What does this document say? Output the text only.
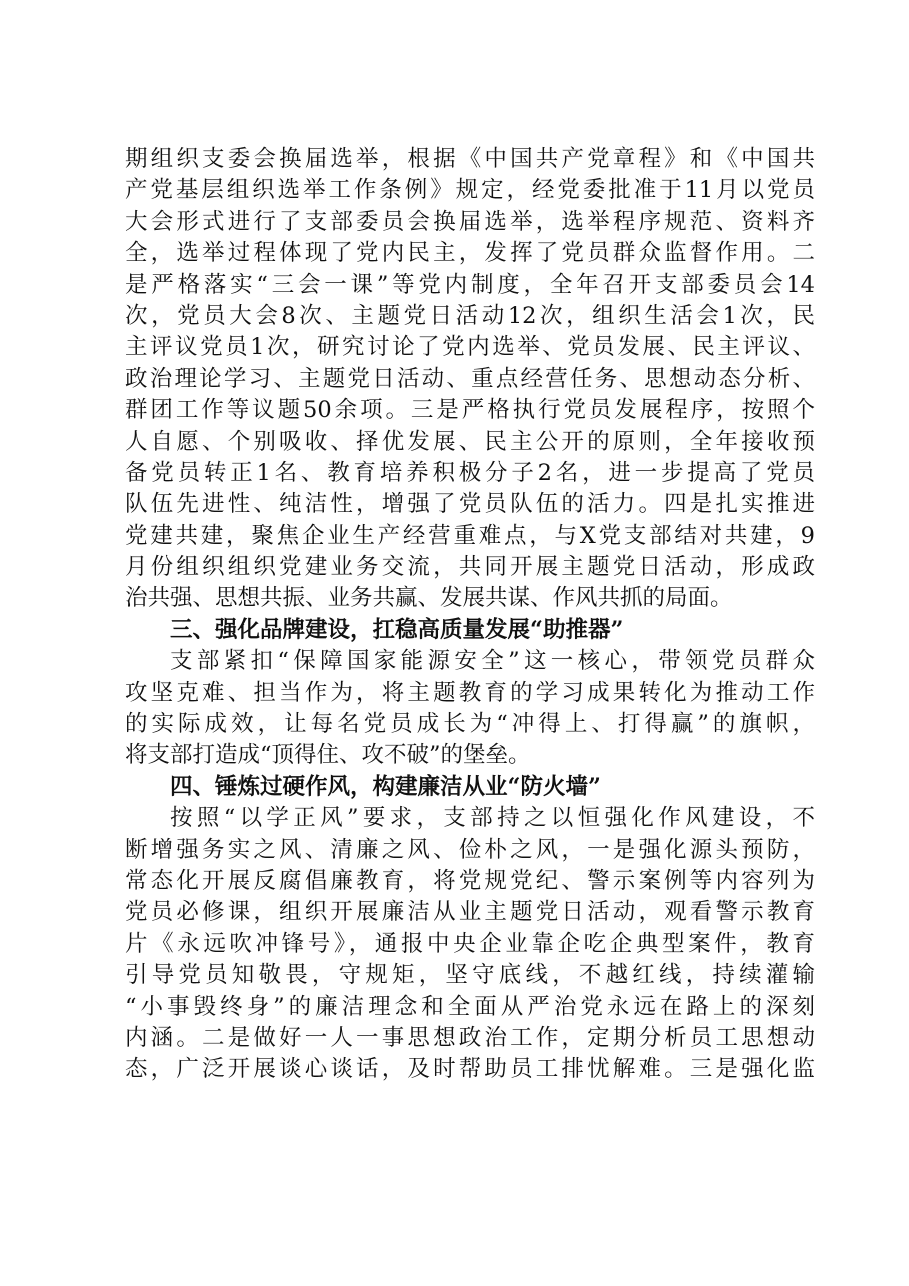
期组织支委会换届选举，根据《中国共产党章程》和《中国共
产党基层组织选举工作条例》规定，经党委批准于11月以党员
大会形式进行了支部委员会换届选举，选举程序规范、资料齐
全，选举过程体现了党内民主，发挥了党员群众监督作用。二
是严格落实“三会一课”等党内制度，全年召开支部委员会14
次，党员大会8次、主题党日活动12次，组织生活会1次，民
主评议党员1次，研究讨论了党内选举、党员发展、民主评议、
政治理论学习、主题党日活动、重点经营任务、思想动态分析、
群团工作等议题50余项。三是严格执行党员发展程序，按照个
人自愿、个别吸收、择优发展、民主公开的原则，全年接收预
备党员转正1名、教育培养积极分子2名，进一步提高了党员
队伍先进性、纯洁性，增强了党员队伍的活力。四是扎实推进
党建共建，聚焦企业生产经营重难点，与X党支部结对共建，9
月份组织组织党建业务交流，共同开展主题党日活动，形成政
治共强、思想共振、业务共赢、发展共谋、作风共抓的局面。
三、强化品牌建设，扛稳高质量发展“助推器”
支部紧扣“保障国家能源安全”这一核心，带领党员群众
攻坚克难、担当作为，将主题教育的学习成果转化为推动工作
的实际成效，让每名党员成长为“冲得上、打得赢”的旗帜，
将支部打造成“顶得住、攻不破”的堡垒。
四、锤炼过硬作风，构建廉洁从业“防火墙”
按照“以学正风”要求，支部持之以恒强化作风建设，不
断增强务实之风、清廉之风、俭朴之风，一是强化源头预防，
常态化开展反腐倡廉教育，将党规党纪、警示案例等内容列为
党员必修课，组织开展廉洁从业主题党日活动，观看警示教育
片《永远吹冲锋号》，通报中央企业靠企吃企典型案件，教育
引导党员知敬畏，守规矩，坚守底线，不越红线，持续灌输
“小事毁终身”的廉洁理念和全面从严治党永远在路上的深刻
内涵。二是做好一人一事思想政治工作，定期分析员工思想动
态，广泛开展谈心谈话，及时帮助员工排忧解难。三是强化监
